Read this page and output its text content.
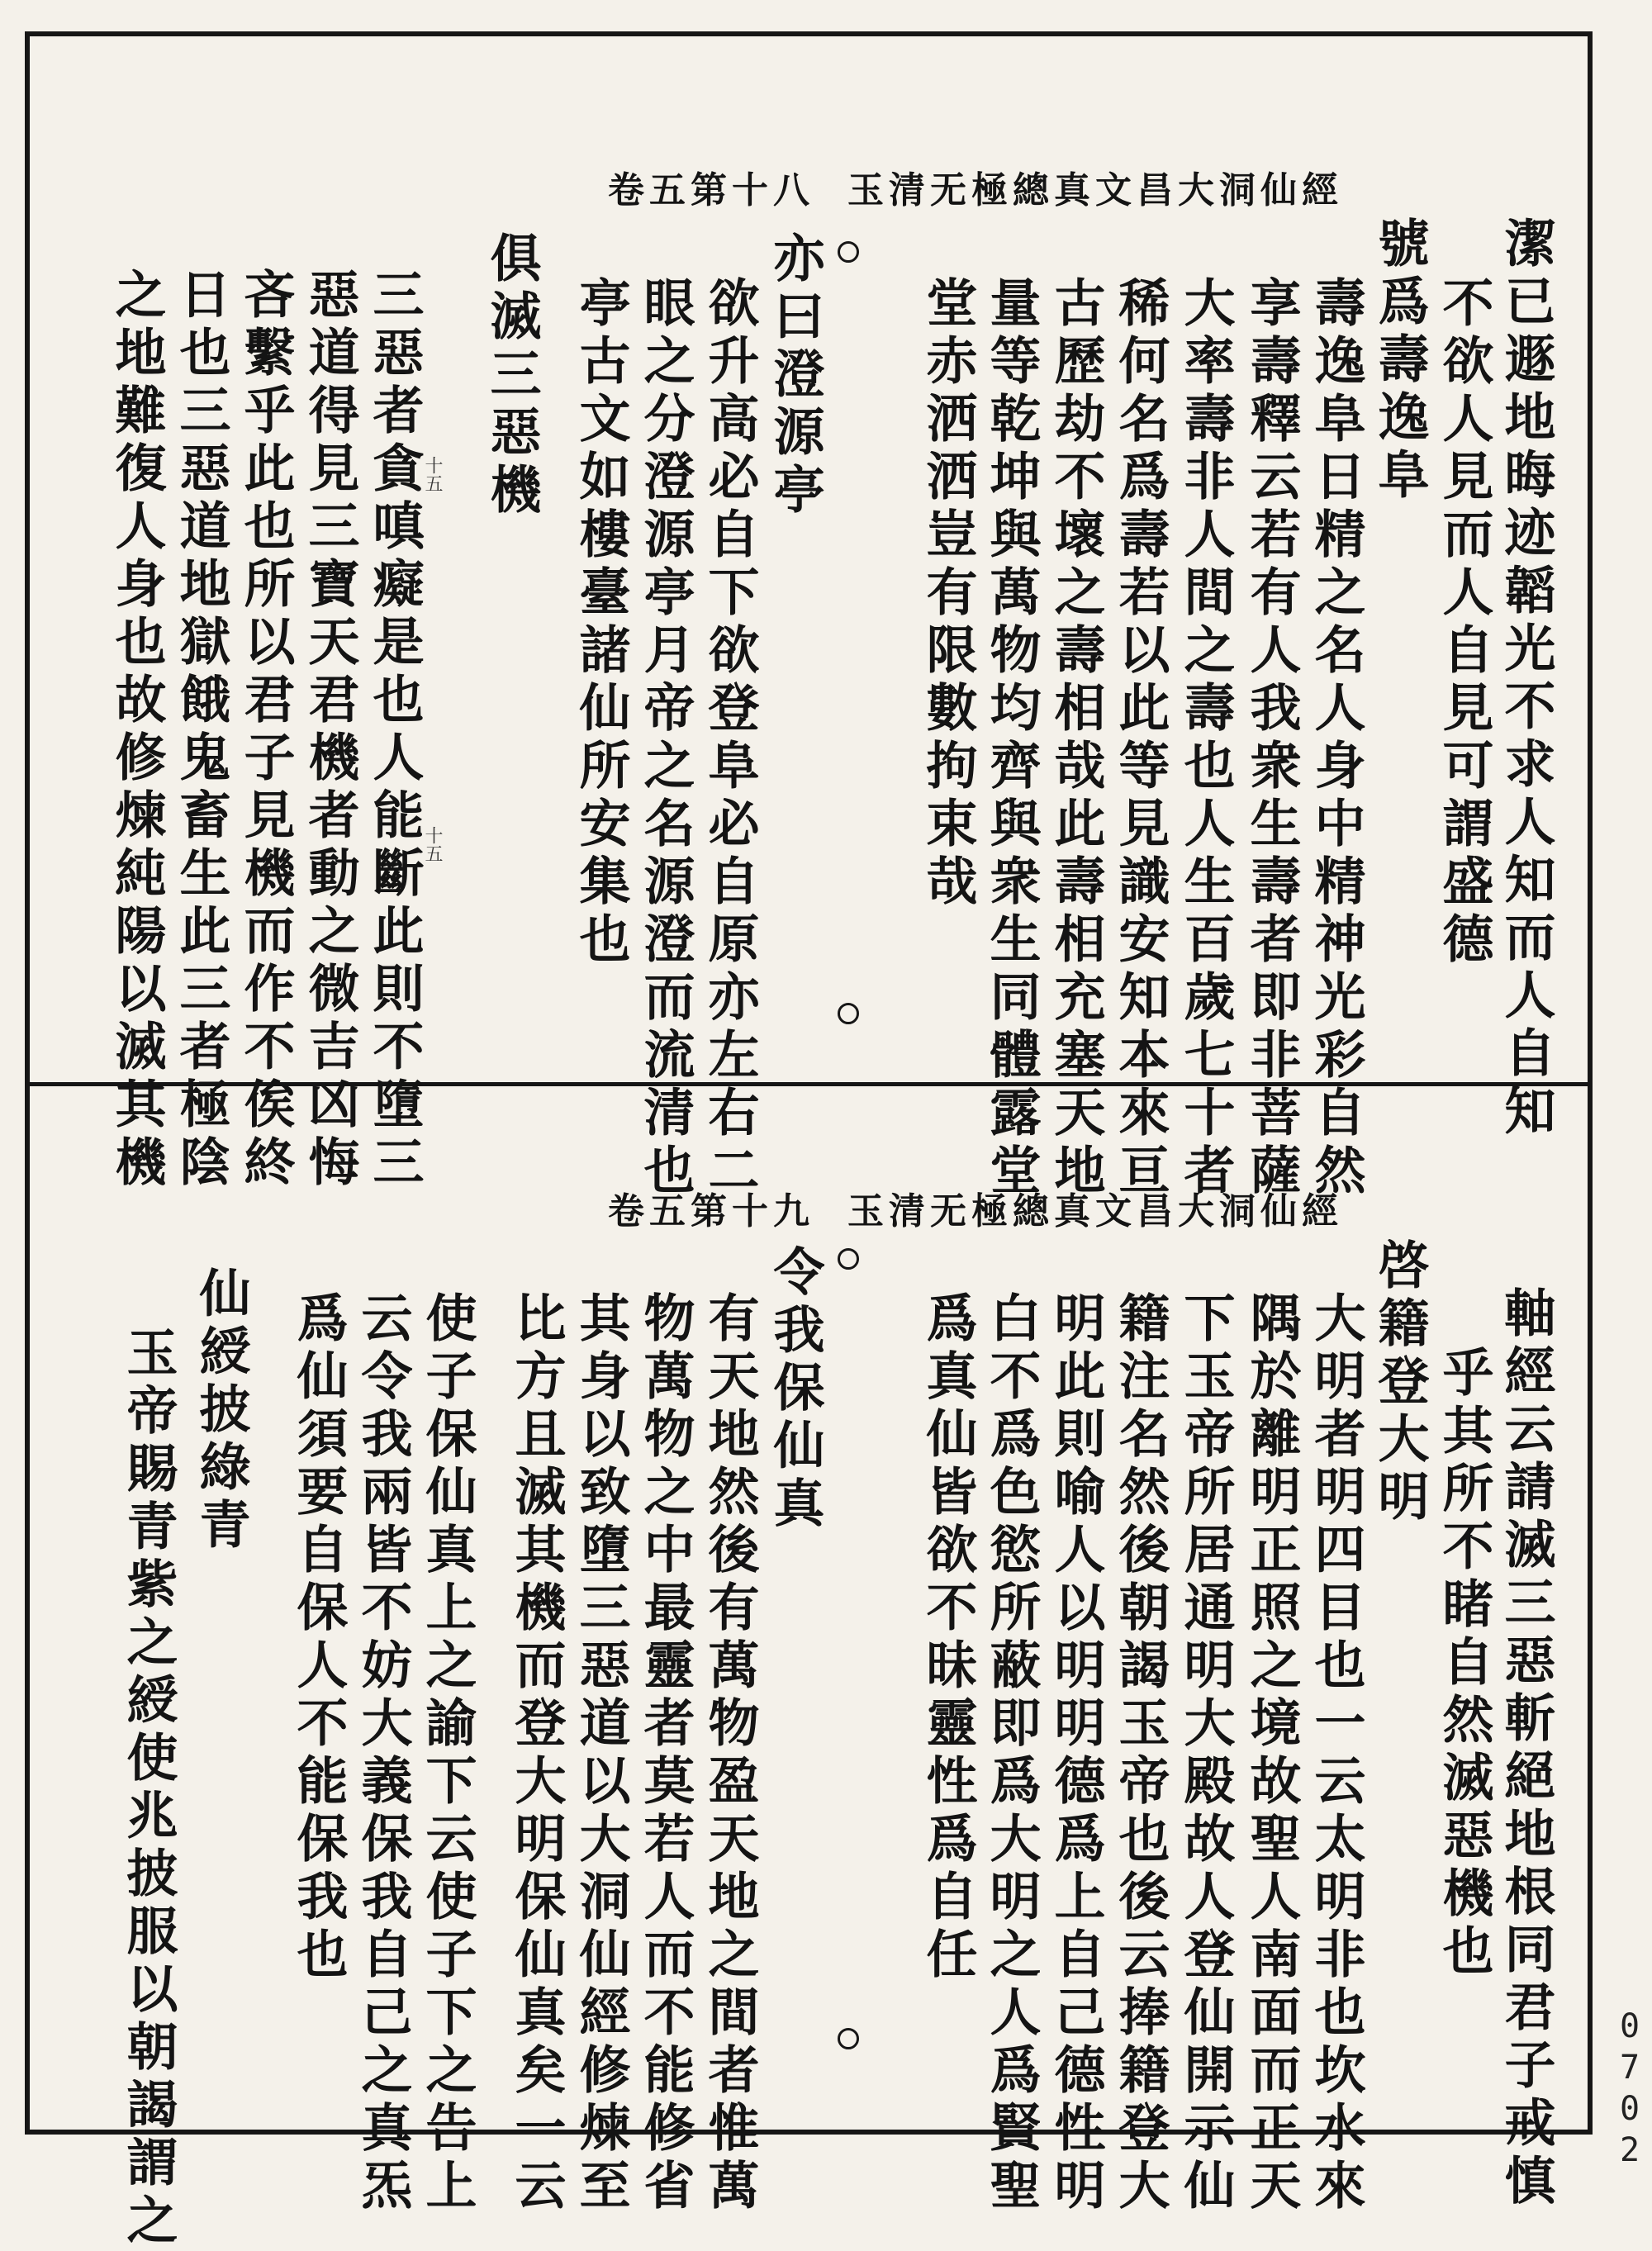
玉清无極總真文昌大洞仙經
卷五第十八
潔已遯地晦迹韜光不求人知而人自知
不欲人見而人自見可謂盛德
號爲壽逸阜
壽逸阜日精之名人身中精神光彩自然
享壽釋云若有人我衆生壽者即非菩薩
大率壽非人間之壽也人生百歲七十者
稀何名爲壽若以此等見識安知本來亘
古歷劫不壞之壽相哉此壽相充塞天地
量等乾坤與萬物均齊與衆生同體露堂
堂赤洒洒豈有限數拘束哉
亦曰澄源亭
欲升高必自下欲登阜必自原亦左右二
眼之分澄源亭月帝之名源澄而流清也
亭古文如樓臺諸仙所安集也
俱滅三惡機
十五
十五
三惡者貪嗔癡是也人能斷此則不墮三
惡道得見三寶天君機者動之微吉凶悔
吝繫乎此也所以君子見機而作不俟終
日也三惡道地獄餓鬼畜生此三者極陰
之地難復人身也故修煉純陽以滅其機
玉清无極總真文昌大洞仙經
卷五第十九
軸經云請滅三惡斬絕地根同君子戒慎
乎其所不睹自然滅惡機也
啓籍登大明
大明者明四目也一云太明非也坎水來
隅於離明正照之境故聖人南面而正天
下玉帝所居通明大殿故人登仙開示仙
籍注名然後朝謁玉帝也後云捧籍登大
明此則喻人以明明德爲上自己德性明
白不爲色慾所蔽即爲大明之人爲賢聖
爲真仙皆欲不昧靈性爲自任
令我保仙真
有天地然後有萬物盈天地之間者惟萬
物萬物之中最靈者莫若人而不能修省
其身以致墮三惡道以大洞仙經修煉至
比方且滅其機而登大明保仙真矣一云
使子保仙真上之諭下云使子下之告上
云令我兩皆不妨大義保我自己之真炁
爲仙須要自保人不能保我也
仙綬披綠青
玉帝賜青紫之綬使兆披服以朝謁謂之	0702
